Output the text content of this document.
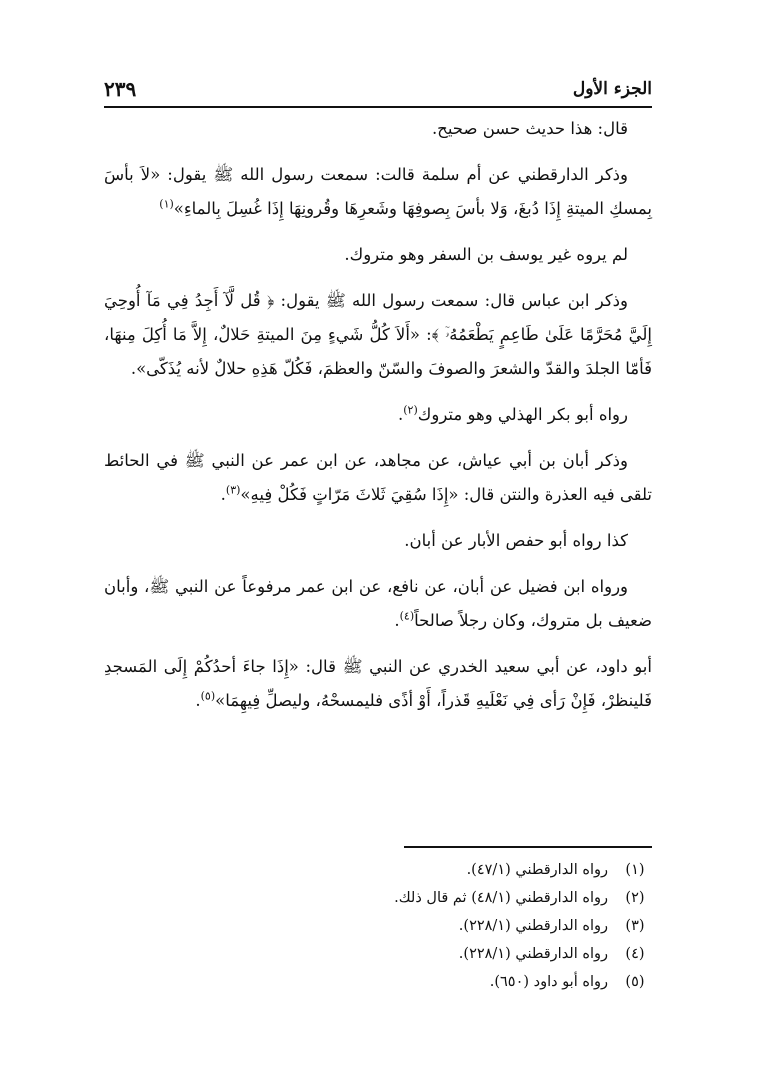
الجزء الأول
٢٣٩

قال: هذا حديث حسن صحيح.

وذكر الدارقطني عن أم سلمة قالت: سمعت رسول الله ﷺ يقول: «لاَ بأسَ بِمسكِ الميتةِ إِذَا دُبغَ، وَلا بأسَ بِصوفِهَا وشَعرِهَا وقُرونِهَا إِذَا غُسِلَ بِالماءِ»$^{(١)}$

لم يروه غير يوسف بن السفر وهو متروك.

وذكر ابن عباس قال: سمعت رسول الله ﷺ يقول: ﴿ قُل لَّآ أَجِدُ فِي مَآ أُوحِيَ إِلَيَّ مُحَرَّمًا عَلَىٰ طَاعِمٍ يَطْعَمُهُۥٓ ﴾: «أَلاَ كُلُّ شَيءٍ مِنَ الميتةِ حَلالٌ، إِلاَّ مَا أُكِلَ مِنهَا، فَأمّا الجلدَ والقدّ والشعرَ والصوفَ والسّنّ والعظمَ، فَكُلّ هَذِهِ حلالٌ لأنه يُذَكّى».

رواه أبو بكر الهذلي وهو متروك$^{(٢)}$.

وذكر أبان بن أبي عياش، عن مجاهد، عن ابن عمر عن النبي ﷺ في الحائط تلقى فيه العذرة والنتن قال: «إِذَا سُقِيَ ثَلاثَ مَرّاتٍ فَكُلْ فِيهِ»$^{(٣)}$.

كذا رواه أبو حفص الأبار عن أبان.

ورواه ابن فضيل عن أبان، عن نافع، عن ابن عمر مرفوعاً عن النبي ﷺ، وأبان ضعيف بل متروك، وكان رجلاً صالحاً$^{(٤)}$.

أبو داود، عن أبي سعيد الخدري عن النبي ﷺ قال: «إِذَا جاءَ أحدُكُمْ إِلَى المَسجدِ فَلينظرْ، فَإِنْ رَأى فِي نَعْلَيهِ قَذراً، أَوْ أذًى فليمسحْهُ، وليصلِّ فِيهِمَا»$^{(٥)}$.

(١)
رواه الدارقطني (٤٧/١).
(٢)
رواه الدارقطني (٤٨/١) ثم قال ذلك.
(٣)
رواه الدارقطني (٢٢٨/١).
(٤)
رواه الدارقطني (٢٢٨/١).
(٥)
رواه أبو داود (٦٥٠).
